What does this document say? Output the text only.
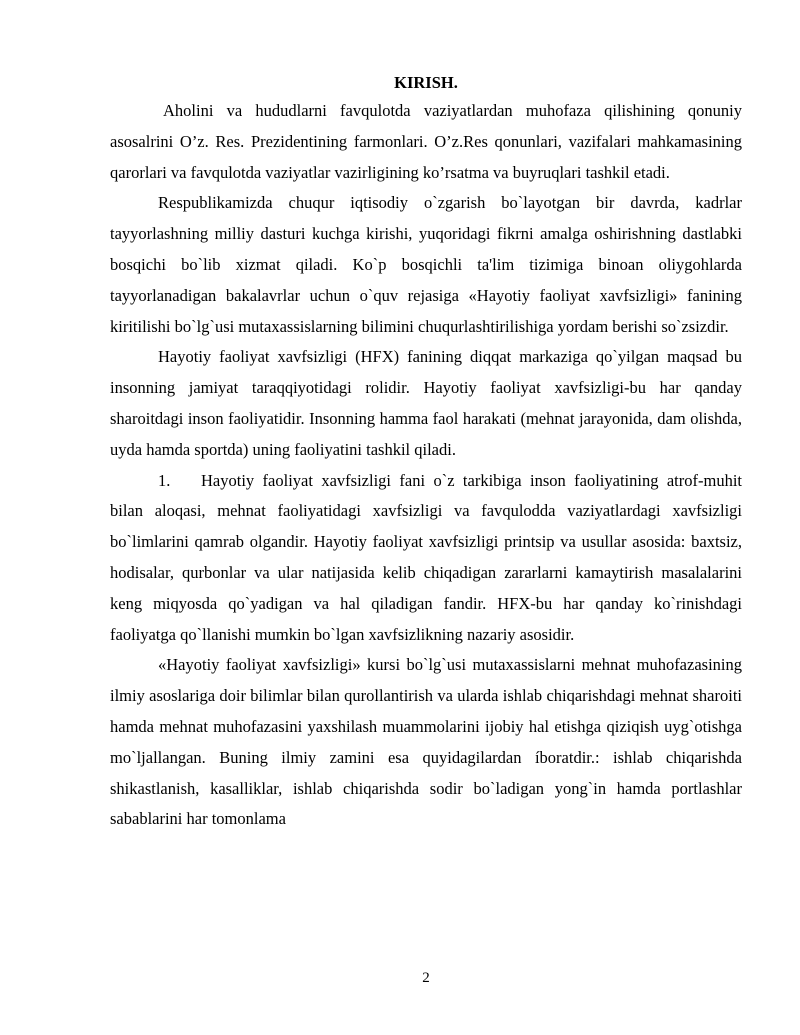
KIRISH.

Aholini va hududlarni favqulotda vaziyatlardan muhofaza qilishining qonuniy asosalrini O’z. Res. Prezidentining farmonlari. O’z.Res qonunlari, vazifalari mahkamasining qarorlari va favqulotda vaziyatlar vazirligining ko’rsatma va buyruqlari tashkil etadi.

Respublikamizda chuqur iqtisodiy o`zgarish bo`layotgan bir davrda, kadrlar tayyorlashning milliy dasturi kuchga kirishi, yuqoridagi fikrni amalga oshirishning dastlabki bosqichi bo`lib xizmat qiladi. Ko`p bosqichli ta'lim tizimiga binoan oliygohlarda tayyorlanadigan bakalavrlar uchun o`quv rejasiga «Hayotiy faoliyat xavfsizligi» fanining kiritilishi bo`lg`usi mutaxassislarning bilimini chuqurlashtirilishiga yordam berishi so`zsizdir.

Hayotiy faoliyat xavfsizligi (HFX) fanining diqqat markaziga qo`yilgan maqsad bu insonning jamiyat taraqqiyotidagi rolidir. Hayotiy faoliyat xavfsizligi-bu har qanday sharoitdagi inson faoliyatidir. Insonning hamma faol harakati (mehnat jarayonida, dam olishda, uyda hamda sportda) uning faoliyatini tashkil qiladi.

1. Hayotiy faoliyat xavfsizligi fani o`z tarkibiga inson faoliyatining atrof-muhit bilan aloqasi, mehnat faoliyatidagi xavfsizligi va favqulodda vaziyatlardagi xavfsizligi bo`limlarini qamrab olgandir. Hayotiy faoliyat xavfsizligi printsip va usullar asosida: baxtsiz, hodisalar, qurbonlar va ular natijasida kelib chiqadigan zararlarni kamaytirish masalalarini keng miqyosda qo`yadigan va hal qiladigan fandir. HFX-bu har qanday ko`rinishdagi faoliyatga qo`llanishi mumkin bo`lgan xavfsizlikning nazariy asosidir.

«Hayotiy faoliyat xavfsizligi» kursi bo`lg`usi mutaxassislarni mehnat muhofazasining ilmiy asoslariga doir bilimlar bilan qurollantirish va ularda ishlab chiqarishdagi mehnat sharoiti hamda mehnat muhofazasini yaxshilash muammolarini ijobiy hal etishga qiziqish uyg`otishga mo`ljallangan. Buning ilmiy zamini esa quyidagilardan íboratdir.: ishlab chiqarishda shikastlanish, kasalliklar, ishlab chiqarishda sodir bo`ladigan yong`in hamda portlashlar sabablarini har tomonlama

2
